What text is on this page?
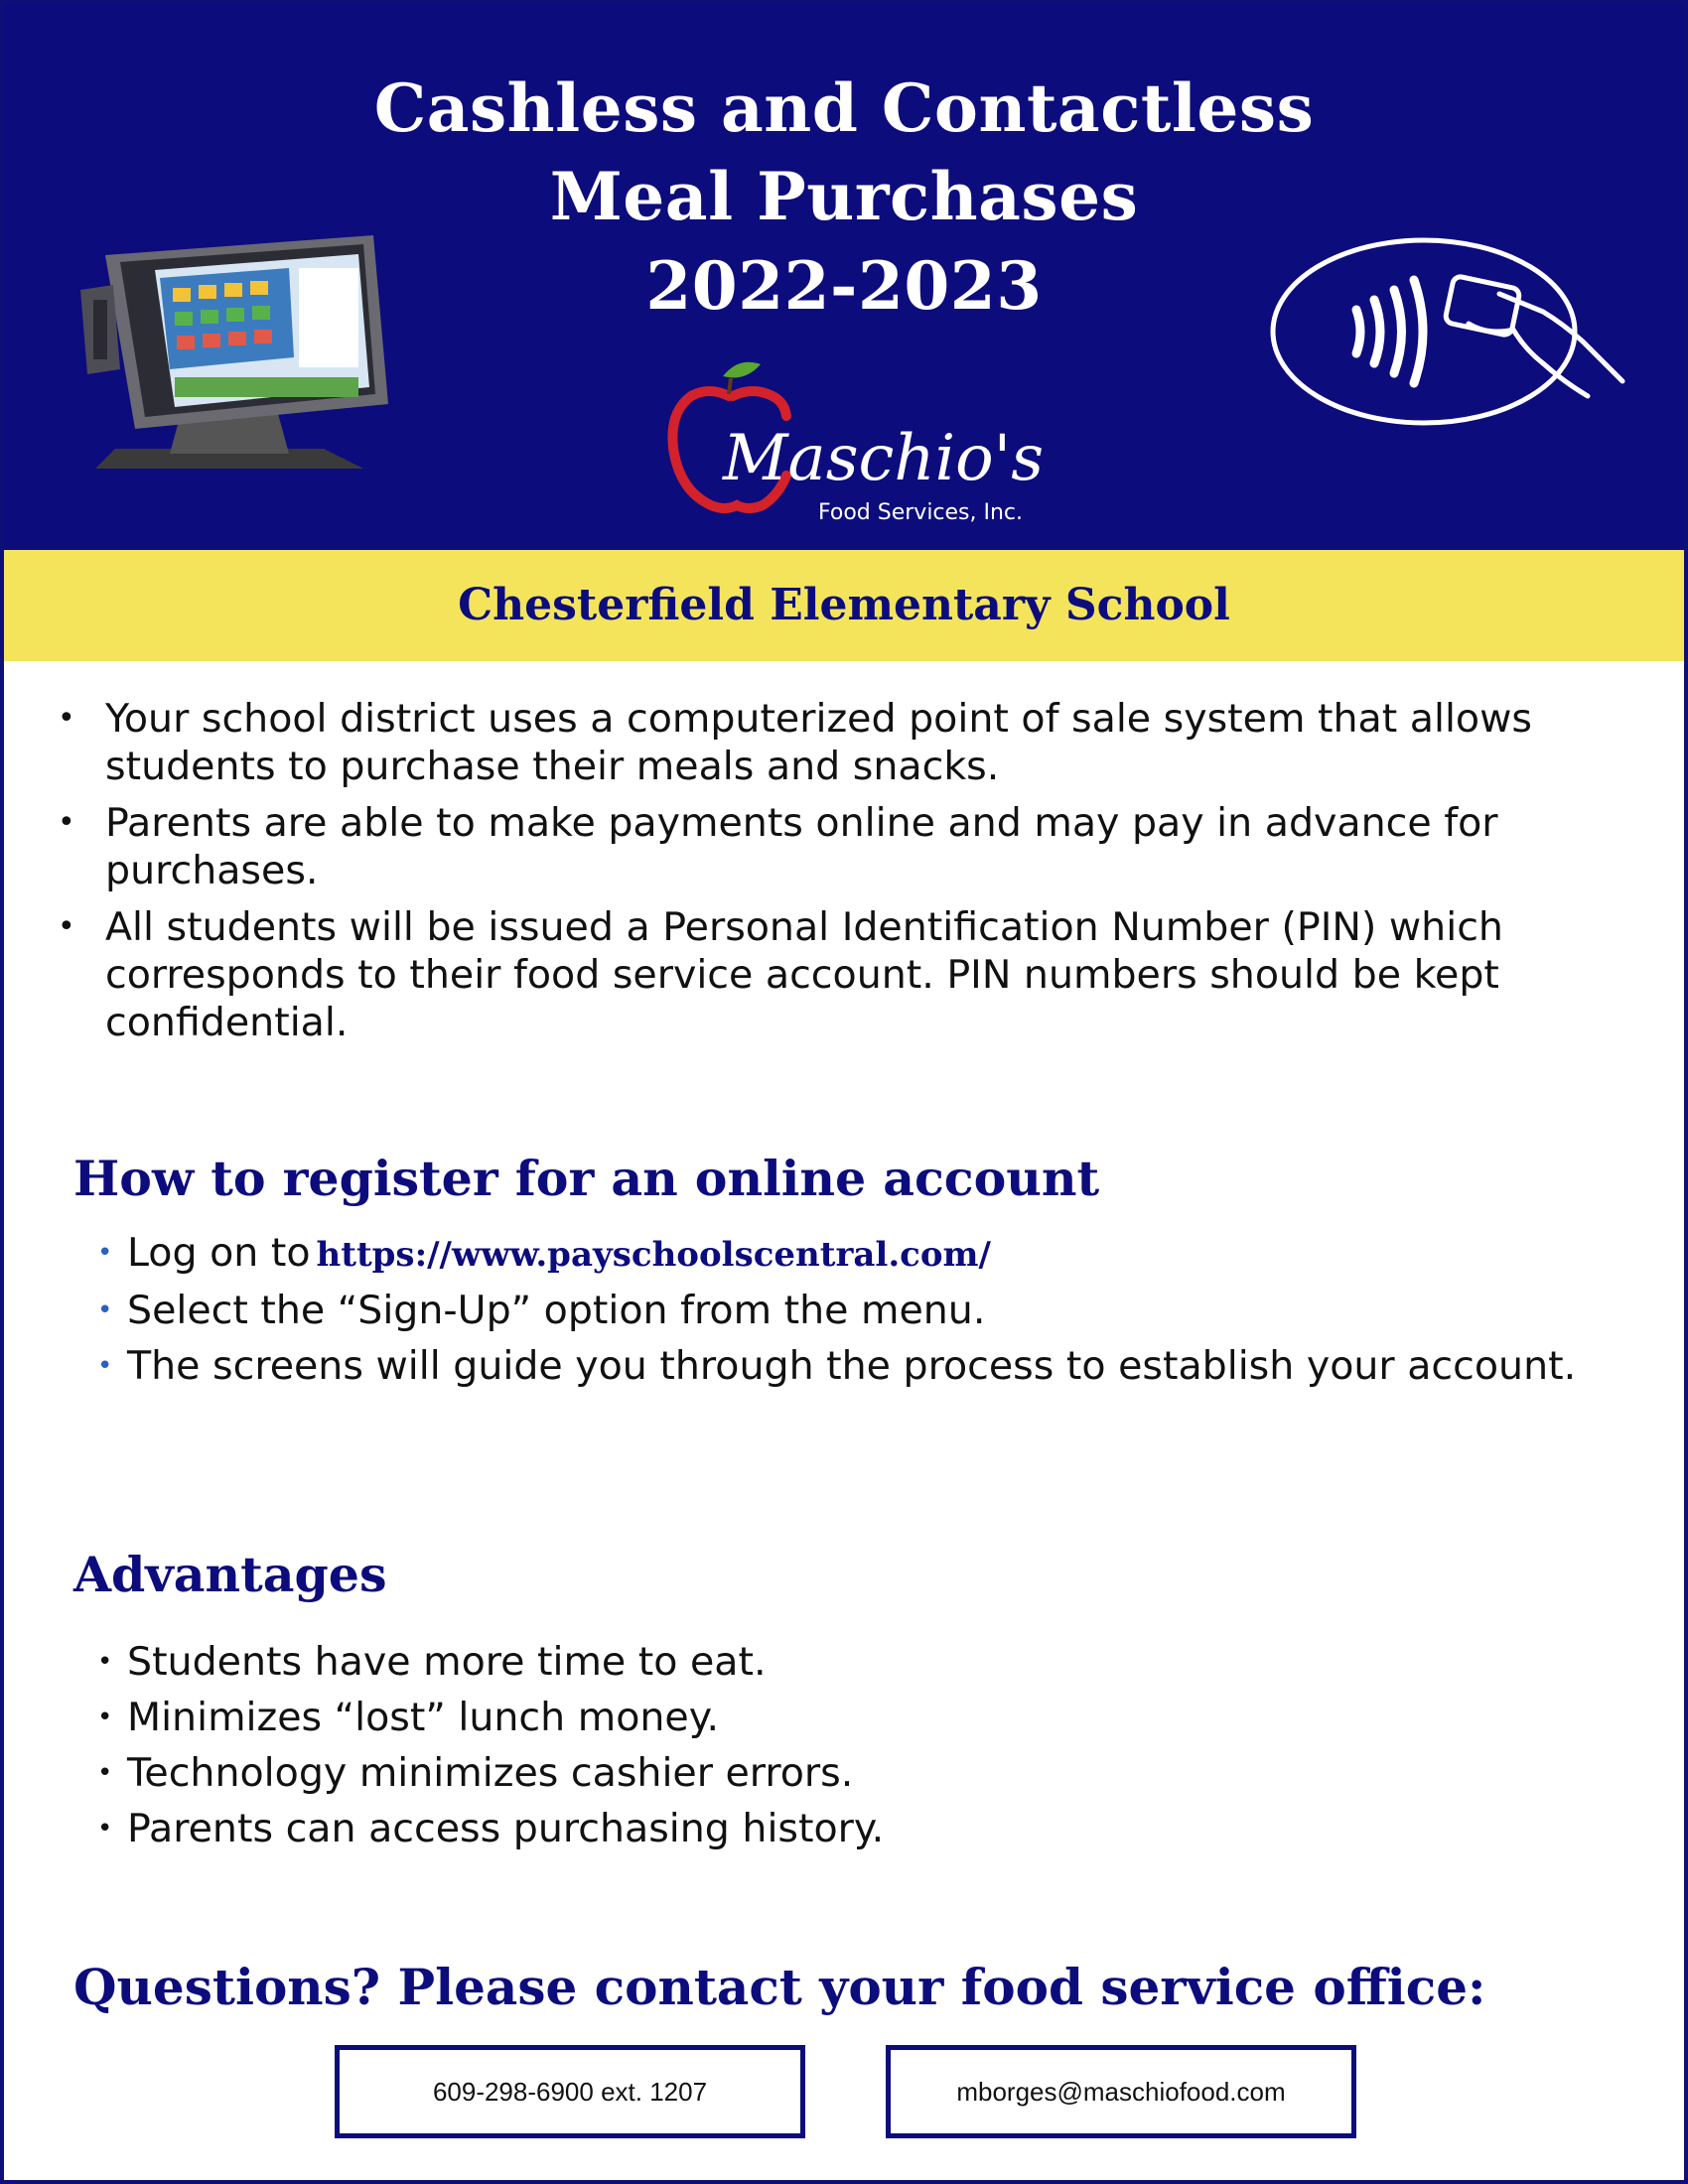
Cashless and Contactless
Meal Purchases
2022-2023
Maschio's
Food Services, Inc.
Chesterfield Elementary School
• Your school district uses a computerized point of sale system that allows students to purchase their meals and snacks.
• Parents are able to make payments online and may pay in advance for purchases.
• All students will be issued a Personal Identification Number (PIN) which corresponds to their food service account. PIN numbers should be kept confidential.
How to register for an online account
• Log on to https://www.payschoolscentral.com/
• Select the “Sign-Up” option from the menu.
• The screens will guide you through the process to establish your account.
Advantages
• Students have more time to eat.
• Minimizes “lost” lunch money.
• Technology minimizes cashier errors.
• Parents can access purchasing history.
Questions? Please contact your food service office:
609-298-6900 ext. 1207	mborges@maschiofood.com
